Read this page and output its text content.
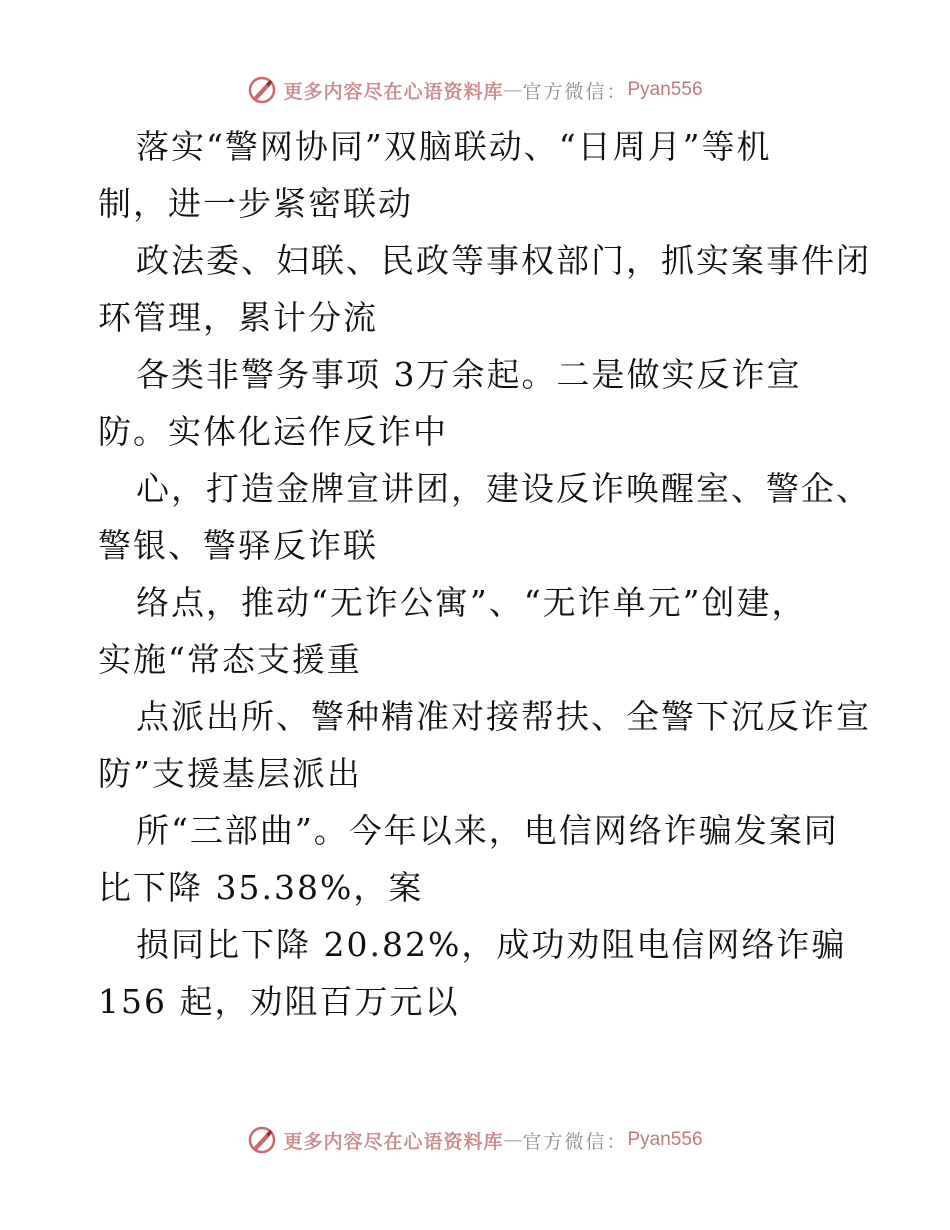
更多内容尽在心语资料库 — 官方微信： Pyan556
落实“警网协同”双脑联动、“日周月”等机
制，进一步紧密联动
政法委、妇联、民政等事权部门，抓实案事件闭
环管理，累计分流
各类非警务事项 3万余起。二是做实反诈宣
防。实体化运作反诈中
心，打造金牌宣讲团，建设反诈唤醒室、警企、
警银、警驿反诈联
络点，推动“无诈公寓”、“无诈单元”创建，
实施“常态支援重
点派出所、警种精准对接帮扶、全警下沉反诈宣
防”支援基层派出
所“三部曲”。今年以来，电信网络诈骗发案同
比下降 35.38%，案
损同比下降 20.82%，成功劝阻电信网络诈骗
156 起，劝阻百万元以
更多内容尽在心语资料库 — 官方微信： Pyan556
